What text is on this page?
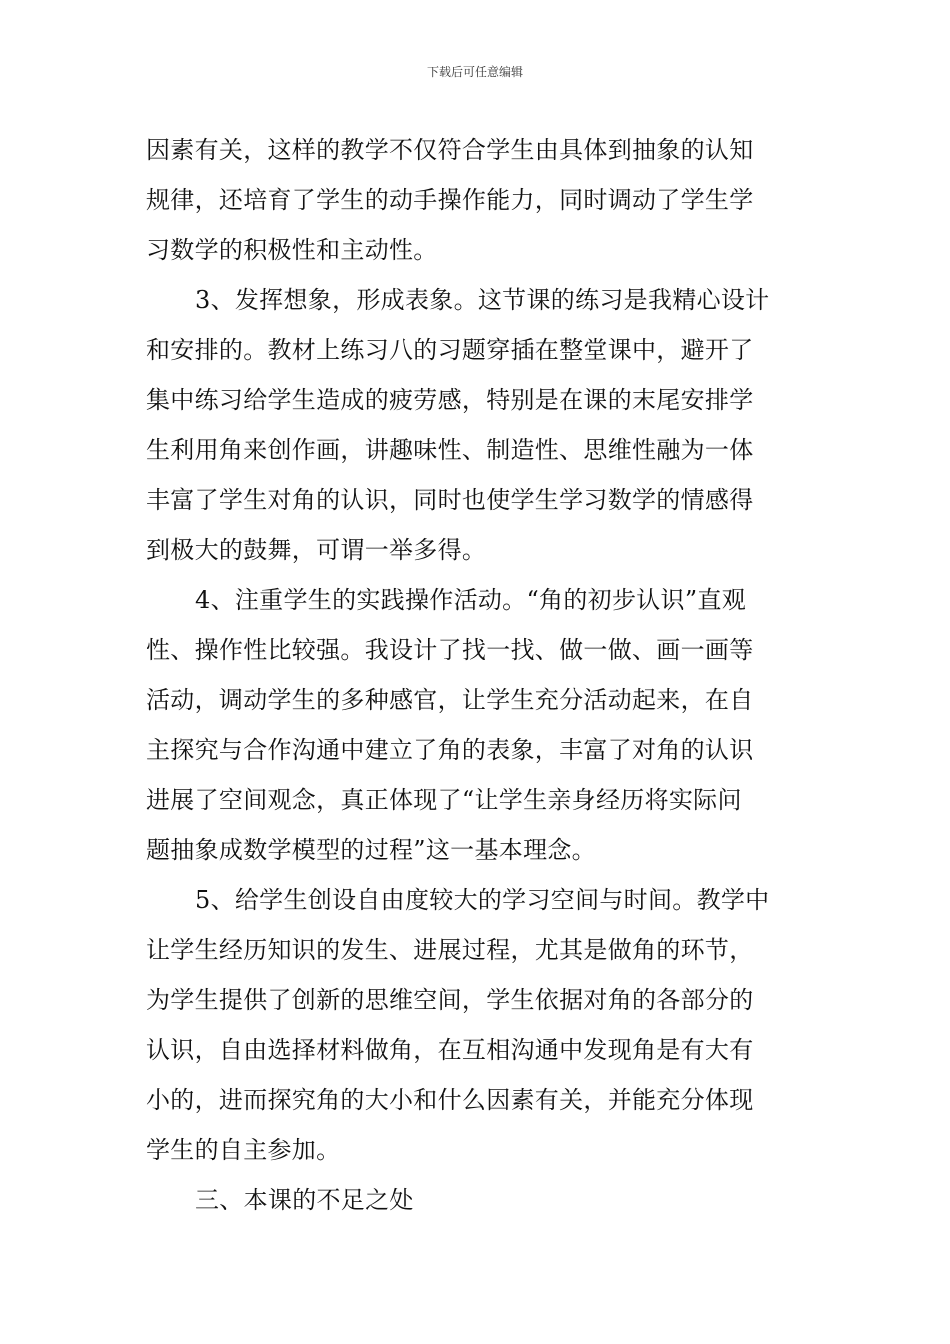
下载后可任意编辑

因素有关，这样的教学不仅符合学生由具体到抽象的认知

规律，还培育了学生的动手操作能力，同时调动了学生学

习数学的积极性和主动性。

3、发挥想象，形成表象。这节课的练习是我精心设计

和安排的。教材上练习八的习题穿插在整堂课中，避开了

集中练习给学生造成的疲劳感，特别是在课的末尾安排学

生利用角来创作画，讲趣味性、制造性、思维性融为一体

丰富了学生对角的认识，同时也使学生学习数学的情感得

到极大的鼓舞，可谓一举多得。

4、注重学生的实践操作活动。“角的初步认识”直观

性、操作性比较强。我设计了找一找、做一做、画一画等

活动，调动学生的多种感官，让学生充分活动起来，在自

主探究与合作沟通中建立了角的表象，丰富了对角的认识

进展了空间观念，真正体现了“让学生亲身经历将实际问

题抽象成数学模型的过程”这一基本理念。

5、给学生创设自由度较大的学习空间与时间。教学中

让学生经历知识的发生、进展过程，尤其是做角的环节，

为学生提供了创新的思维空间，学生依据对角的各部分的

认识，自由选择材料做角，在互相沟通中发现角是有大有

小的，进而探究角的大小和什么因素有关，并能充分体现

学生的自主参加。

三、本课的不足之处
